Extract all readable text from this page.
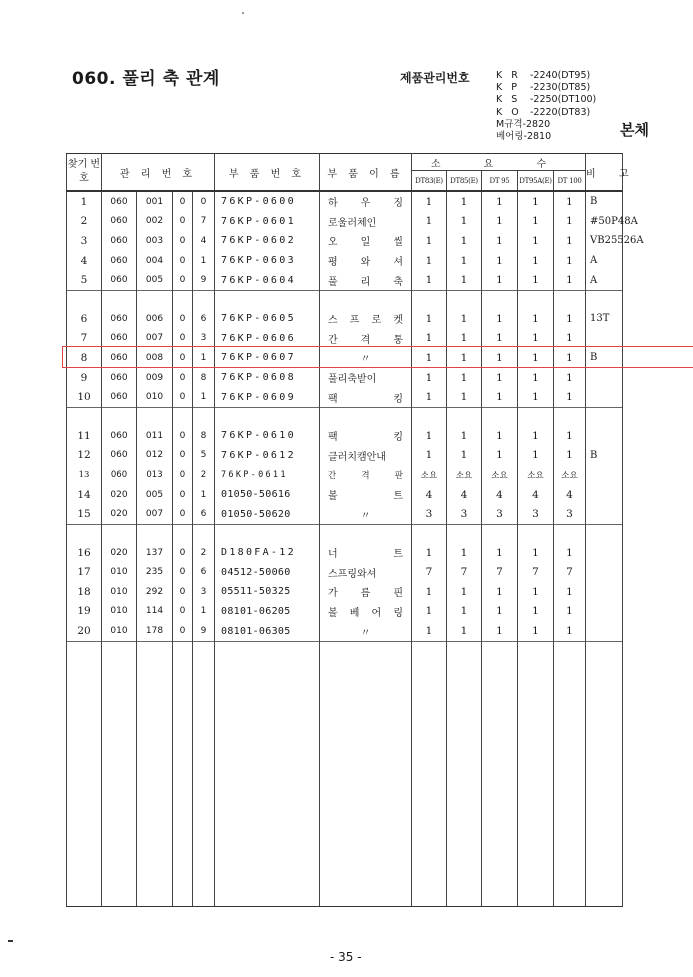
060. 풀리 축 관계	제품관리번호	K R -2240(DT95)
K P	-2230(DT85)
K S	-2250(DT100)
K O -2220(DT83)
M규격-2820
베어링-2810	본체
찾기 번호	관 리 번 호				부 품 번 호	부 품 이 름	소 요 수					비 고
							DT83(E)	DT85(E)	DT 95	DT95A(E)	DT 100	
1	060	001	0	0	76KP-0600	하 우 징	1	1	1	1	1	B
2	060	002	0	7	76KP-0601	로울러체인	1	1	1	1	1	#50P48A
3	060	003	0	4	76KP-0602	오 일 씰	1	1	1	1	1	VB25526A
4	060	004	0	1	76KP-0603	평 와 셔	1	1	1	1	1	A
5	060	005	0	9	76KP-0604	풀 리 축	1	1	1	1	1	A
6	060	006	0	6	76KP-0605	스 프 로 켓	1	1	1	1	1	13T
7	060	007	0	3	76KP-0606	간 격 통	1	1	1	1	1	
8	060	008	0	1	76KP-0607	〃	1	1	1	1	1	B
9	060	009	0	8	76KP-0608	풀리축받이	1	1	1	1	1	
10	060	010	0	1	76KP-0609	팩 킹	1	1	1	1	1	
11	060	011	0	8	76KP-0610	팩 킹	1	1	1	1	1	
12	060	012	0	5	76KP-0612	클러치캠안내	1	1	1	1	1	B
13	060	013	0	2	76KP-0611	간 격 판	소요	소요	소요	소요	소요	
14	020	005	0	1	01050-50616	볼 트	4	4	4	4	4	
15	020	007	0	6	01050-50620	〃	3	3	3	3	3	
16	020	137	0	2	D180FA-12	너 트	1	1	1	1	1	
17	010	235	0	6	04512-50060	스프링와셔	7	7	7	7	7	
18	010	292	0	3	05511-50325	가 름 핀	1	1	1	1	1	
19	010	114	0	1	08101-06205	볼 베 어 링	1	1	1	1	1	
20	010	178	0	9	08101-06305	〃	1	1	1	1	1	

- 35 -
